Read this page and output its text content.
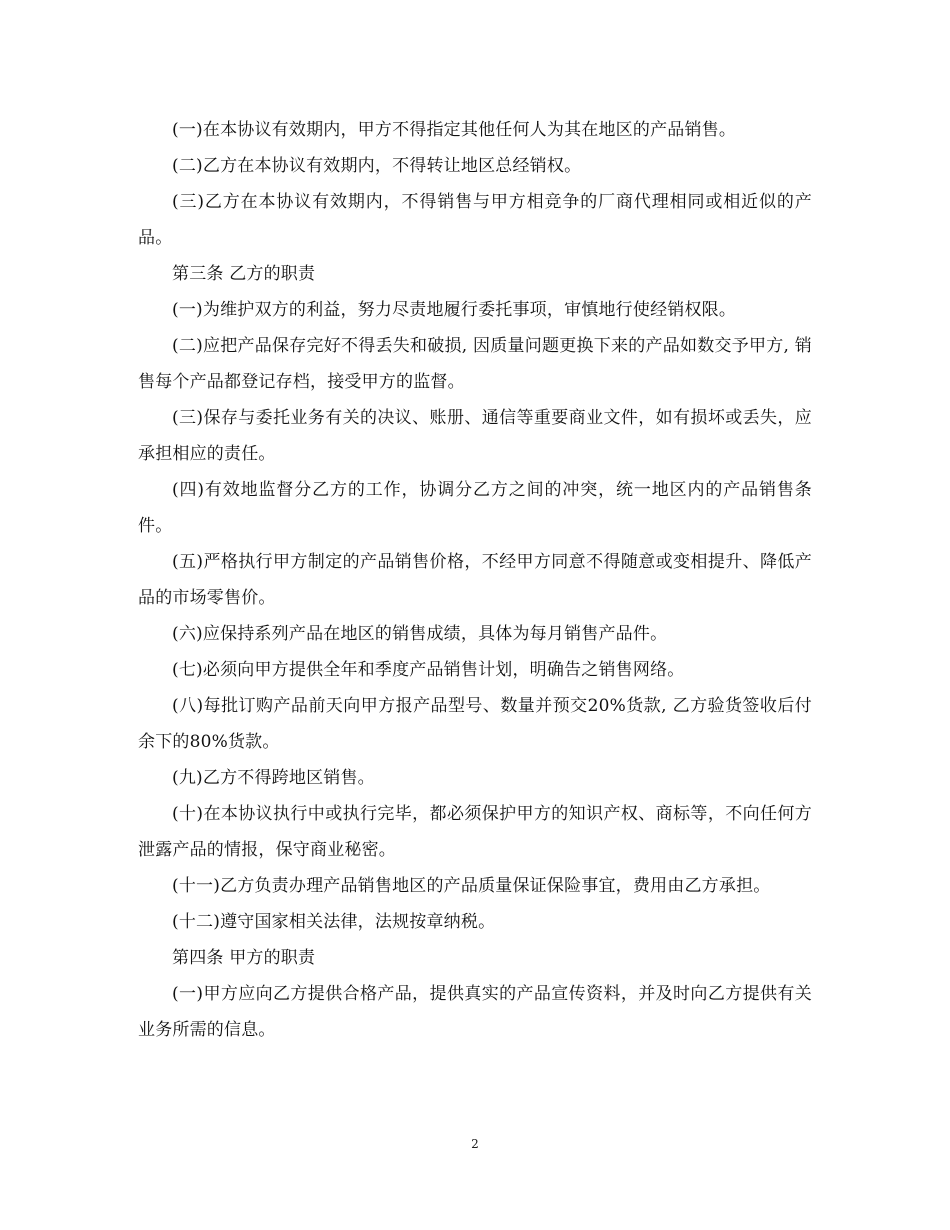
(一)在本协议有效期内，甲方不得指定其他任何人为其在地区的产品销售。

(二)乙方在本协议有效期内，不得转让地区总经销权。

(三)乙方在本协议有效期内，不得销售与甲方相竞争的厂商代理相同或相近似的产品。

第三条 乙方的职责

(一)为维护双方的利益，努力尽责地履行委托事项，审慎地行使经销权限。

(二)应把产品保存完好不得丢失和破损, 因质量问题更换下来的产品如数交予甲方, 销售每个产品都登记存档，接受甲方的监督。

(三)保存与委托业务有关的决议、账册、通信等重要商业文件，如有损坏或丢失，应承担相应的责任。

(四)有效地监督分乙方的工作，协调分乙方之间的冲突，统一地区内的产品销售条件。

(五)严格执行甲方制定的产品销售价格，不经甲方同意不得随意或变相提升、降低产品的市场零售价。

(六)应保持系列产品在地区的销售成绩，具体为每月销售产品件。

(七)必须向甲方提供全年和季度产品销售计划，明确告之销售网络。

(八)每批订购产品前天向甲方报产品型号、数量并预交20%货款, 乙方验货签收后付余下的80%货款。

(九)乙方不得跨地区销售。

(十)在本协议执行中或执行完毕，都必须保护甲方的知识产权、商标等，不向任何方泄露产品的情报，保守商业秘密。

(十一)乙方负责办理产品销售地区的产品质量保证保险事宜，费用由乙方承担。

(十二)遵守国家相关法律，法规按章纳税。

第四条 甲方的职责

(一)甲方应向乙方提供合格产品，提供真实的产品宣传资料，并及时向乙方提供有关业务所需的信息。

2
